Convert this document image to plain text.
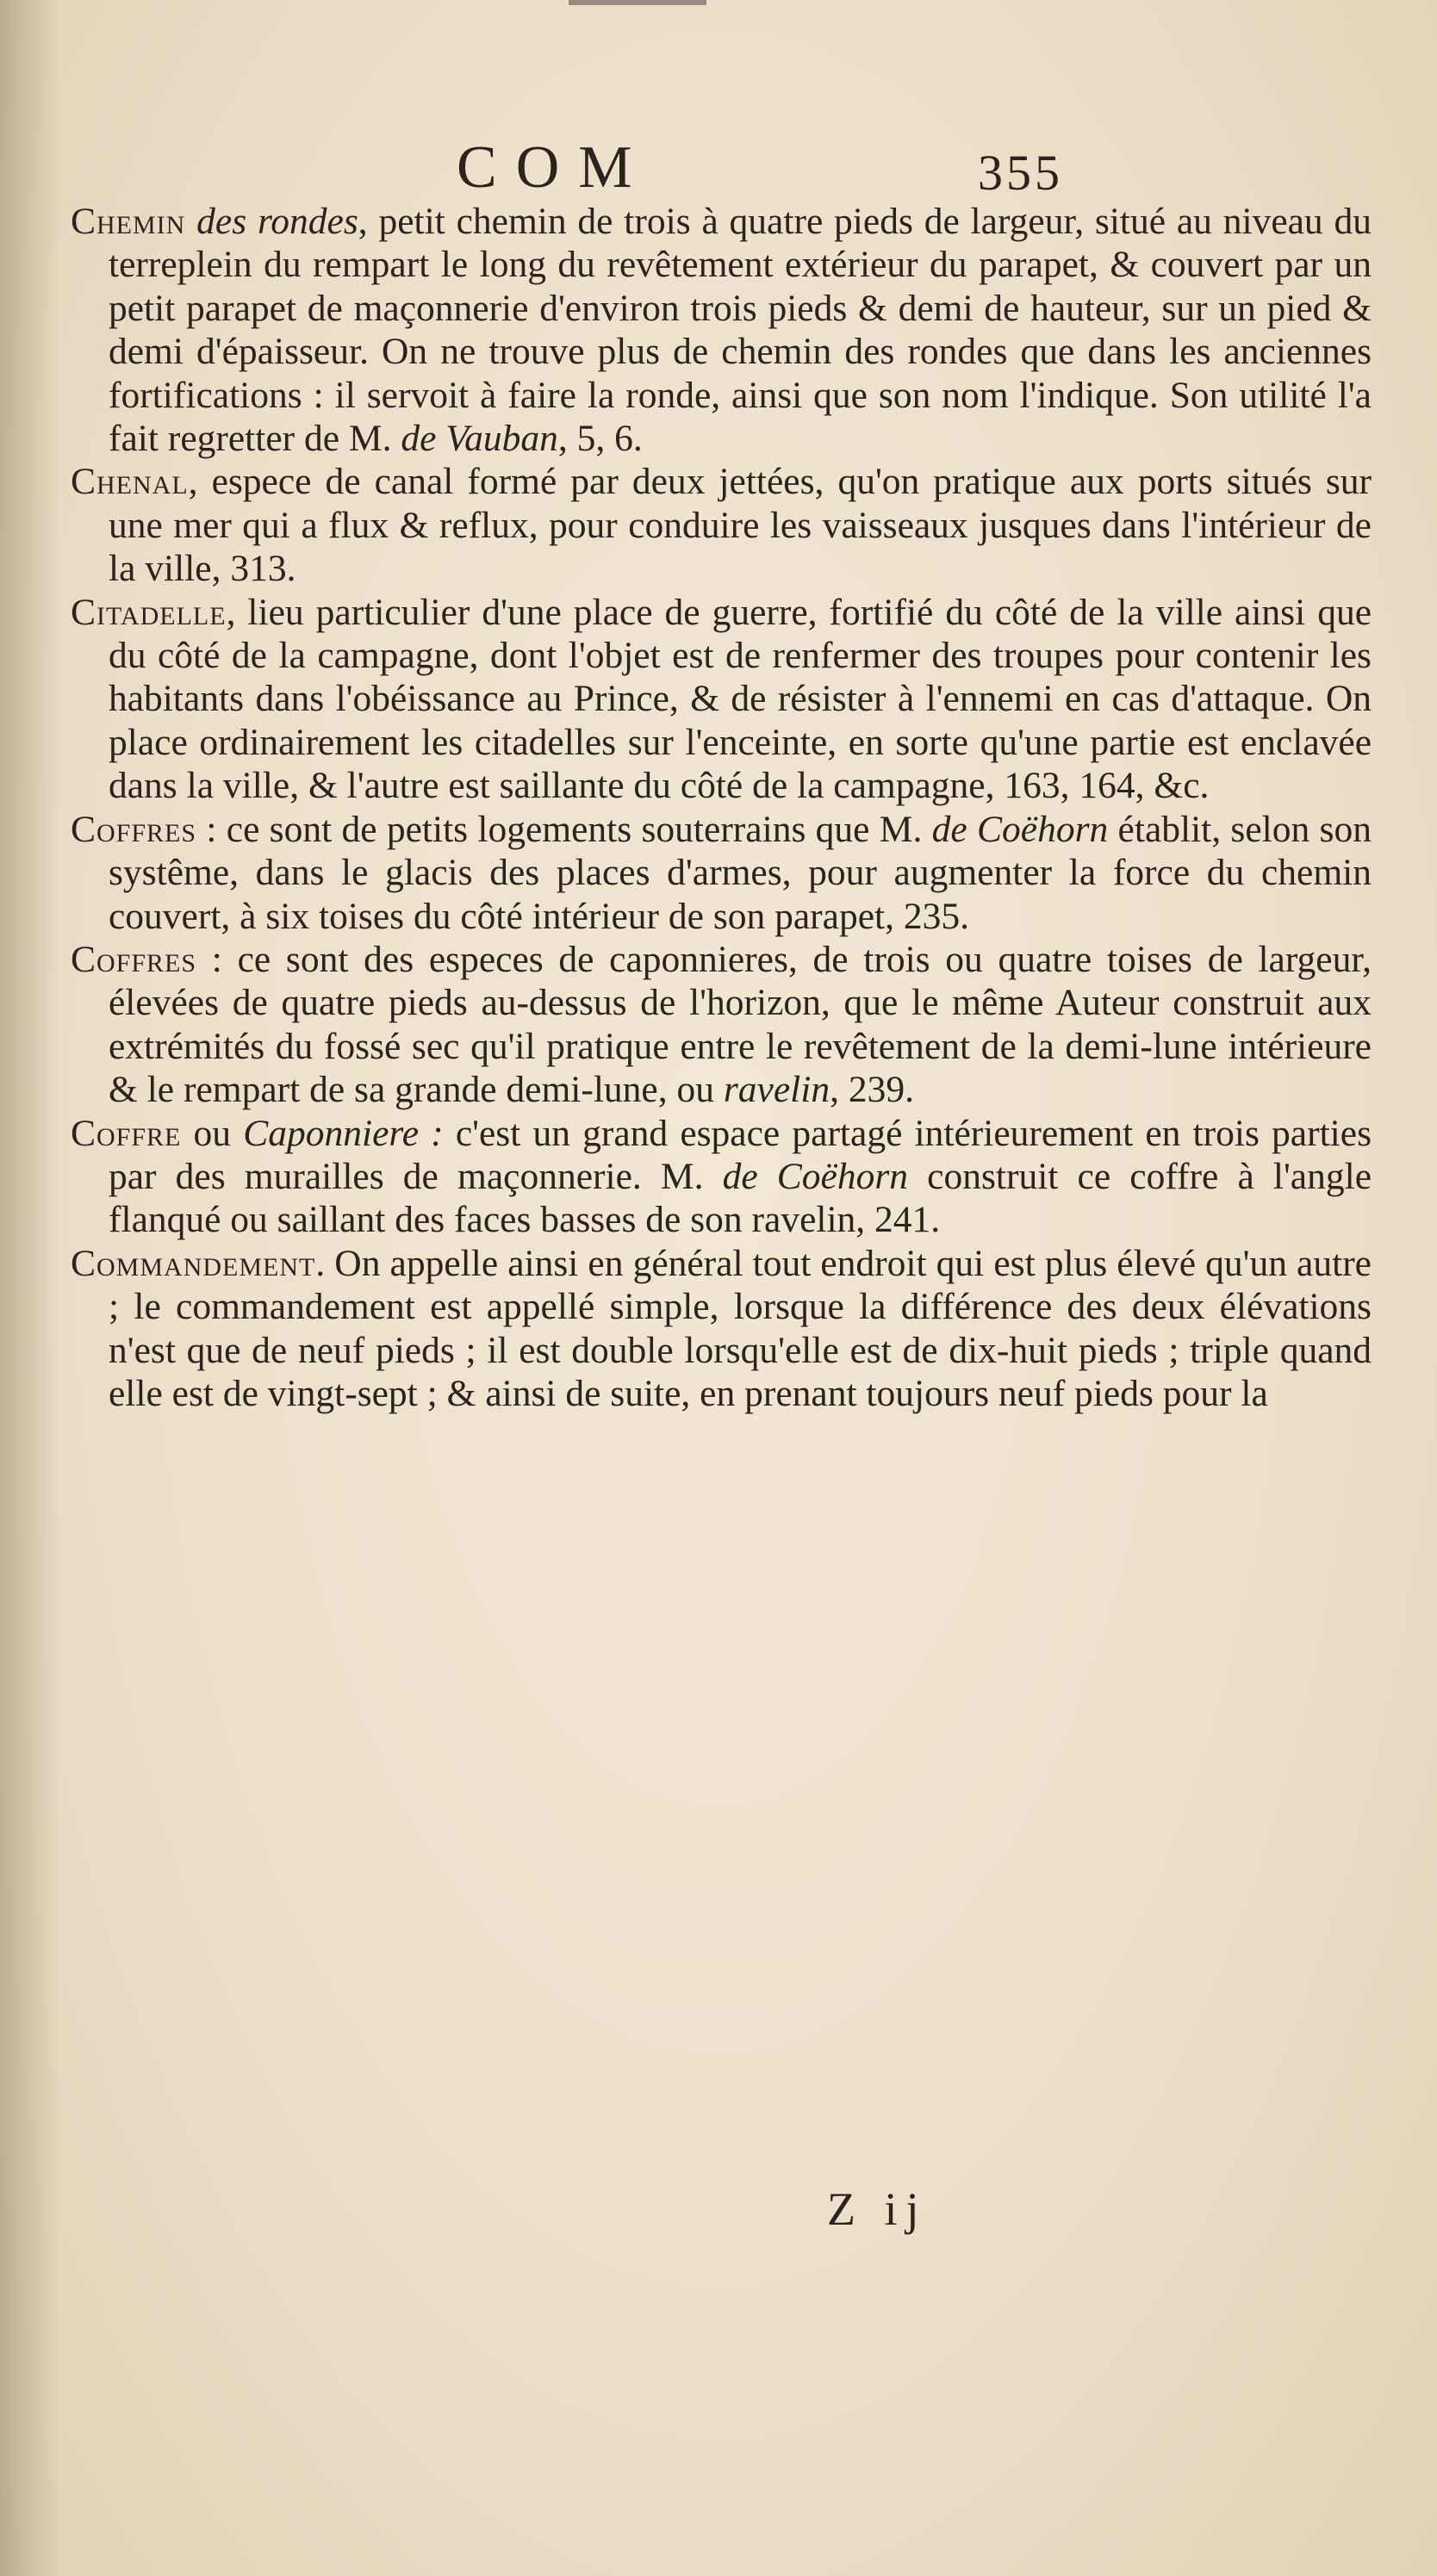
COM	355

Chemin des rondes, petit chemin de trois à quatre pieds de largeur, situé au niveau du terreplein du rempart le long du revêtement extérieur du parapet, & couvert par un petit parapet de maçonnerie d'environ trois pieds & demi de hauteur, sur un pied & demi d'épaisseur. On ne trouve plus de chemin des rondes que dans les anciennes fortifications : il servoit à faire la ronde, ainsi que son nom l'indique. Son utilité l'a fait regretter de M. de Vauban, 5, 6.

Chenal, espece de canal formé par deux jettées, qu'on pratique aux ports situés sur une mer qui a flux & reflux, pour conduire les vaisseaux jusques dans l'intérieur de la ville, 313.

Citadelle, lieu particulier d'une place de guerre, fortifié du côté de la ville ainsi que du côté de la campagne, dont l'objet est de renfermer des troupes pour contenir les habitants dans l'obéissance au Prince, & de résister à l'ennemi en cas d'attaque. On place ordinairement les citadelles sur l'enceinte, en sorte qu'une partie est enclavée dans la ville, & l'autre est saillante du côté de la campagne, 163, 164, &c.

Coffres : ce sont de petits logements souterrains que M. de Coëhorn établit, selon son systême, dans le glacis des places d'armes, pour augmenter la force du chemin couvert, à six toises du côté intérieur de son parapet, 235.

Coffres : ce sont des especes de caponnieres, de trois ou quatre toises de largeur, élevées de quatre pieds au-dessus de l'horizon, que le même Auteur construit aux extrémités du fossé sec qu'il pratique entre le revêtement de la demi-lune intérieure & le rempart de sa grande demi-lune, ou ravelin, 239.

Coffre ou Caponniere : c'est un grand espace partagé intérieurement en trois parties par des murailles de maçonnerie. M. de Coëhorn construit ce coffre à l'angle flanqué ou saillant des faces basses de son ravelin, 241.

Commandement. On appelle ainsi en général tout endroit qui est plus élevé qu'un autre ; le commandement est appellé simple, lorsque la différence des deux élévations n'est que de neuf pieds ; il est double lorsqu'elle est de dix-huit pieds ; triple quand elle est de vingt-sept ; & ainsi de suite, en prenant toujours neuf pieds pour la

Z ij
